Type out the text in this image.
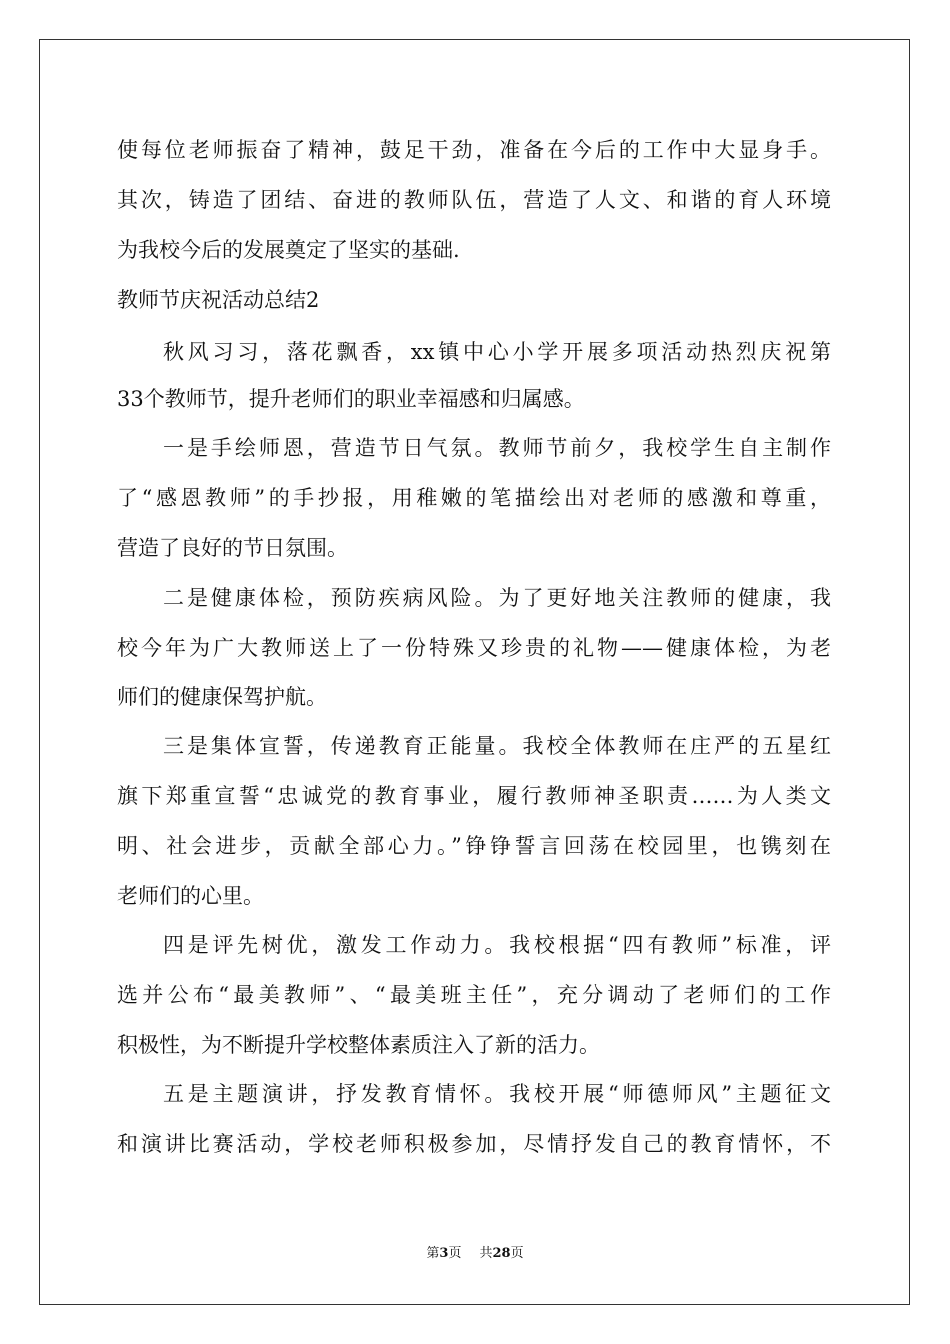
使每位老师振奋了精神，鼓足干劲，准备在今后的工作中大显身手。
其次，铸造了团结、奋进的教师队伍，营造了人文、和谐的育人环境
为我校今后的发展奠定了坚实的基础.
教师节庆祝活动总结2
秋风习习，落花飘香，xx镇中心小学开展多项活动热烈庆祝第
33个教师节，提升老师们的职业幸福感和归属感。
一是手绘师恩，营造节日气氛。教师节前夕，我校学生自主制作
了“感恩教师”的手抄报，用稚嫩的笔描绘出对老师的感激和尊重，
营造了良好的节日氛围。
二是健康体检，预防疾病风险。为了更好地关注教师的健康，我
校今年为广大教师送上了一份特殊又珍贵的礼物——健康体检，为老
师们的健康保驾护航。
三是集体宣誓，传递教育正能量。我校全体教师在庄严的五星红
旗下郑重宣誓“忠诚党的教育事业，履行教师神圣职责……为人类文
明、社会进步，贡献全部心力。”铮铮誓言回荡在校园里，也镌刻在
老师们的心里。
四是评先树优，激发工作动力。我校根据“四有教师”标准，评
选并公布“最美教师”、“最美班主任”，充分调动了老师们的工作
积极性，为不断提升学校整体素质注入了新的活力。
五是主题演讲，抒发教育情怀。我校开展“师德师风”主题征文
和演讲比赛活动，学校老师积极参加，尽情抒发自己的教育情怀，不
第3页 共28页
